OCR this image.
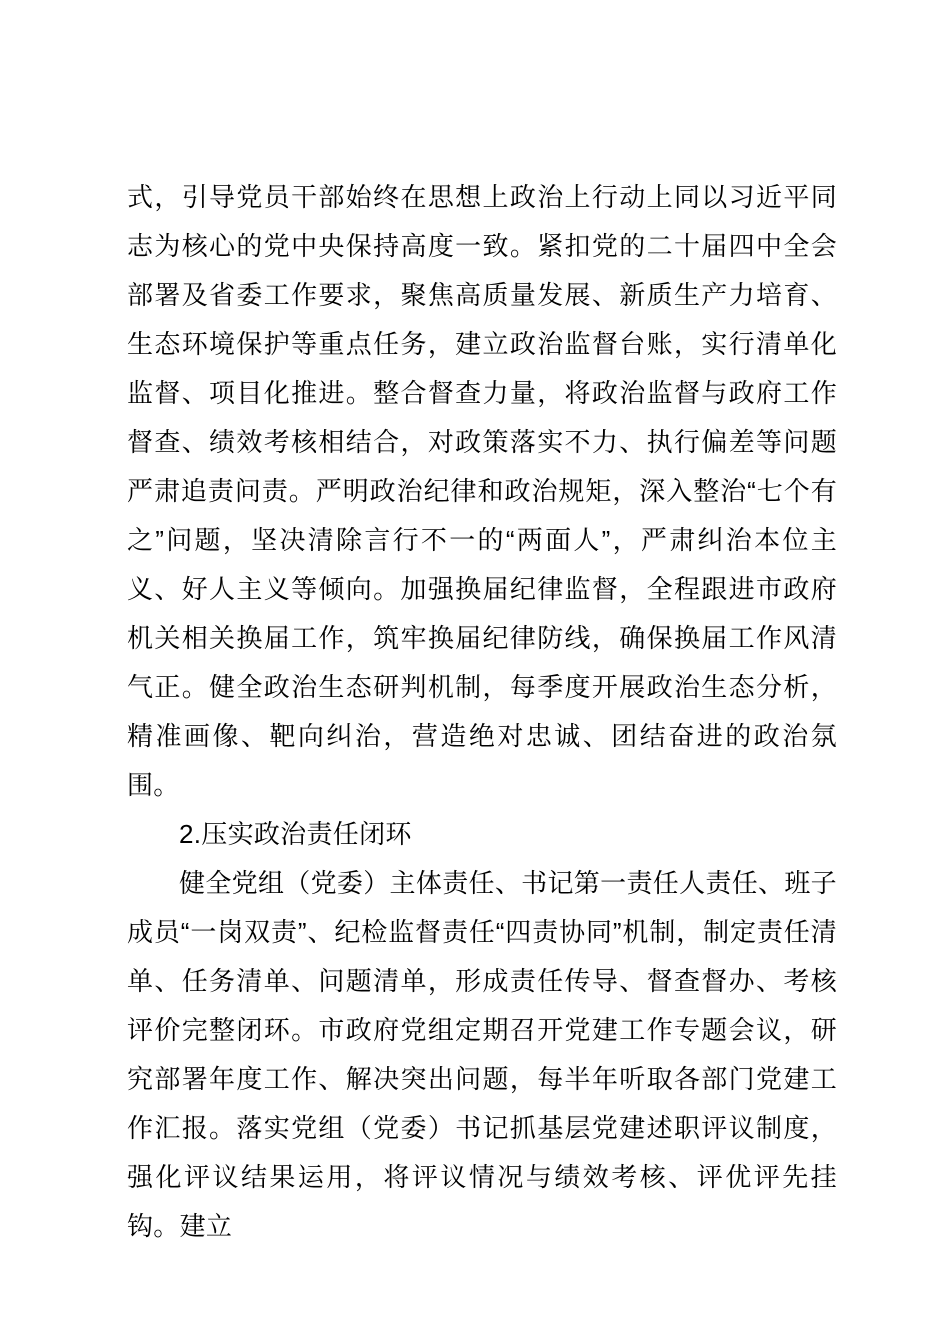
式，引导党员干部始终在思想上政治上行动上同以习近平同志为核心的党中央保持高度一致。紧扣党的二十届四中全会部署及省委工作要求，聚焦高质量发展、新质生产力培育、生态环境保护等重点任务，建立政治监督台账，实行清单化监督、项目化推进。整合督查力量，将政治监督与政府工作督查、绩效考核相结合，对政策落实不力、执行偏差等问题严肃追责问责。严明政治纪律和政治规矩，深入整治“七个有之”问题，坚决清除言行不一的“两面人”，严肃纠治本位主义、好人主义等倾向。加强换届纪律监督，全程跟进市政府机关相关换届工作，筑牢换届纪律防线，确保换届工作风清气正。健全政治生态研判机制，每季度开展政治生态分析，精准画像、靶向纠治，营造绝对忠诚、团结奋进的政治氛围。

2.压实政治责任闭环

健全党组（党委）主体责任、书记第一责任人责任、班子成员“一岗双责”、纪检监督责任“四责协同”机制，制定责任清单、任务清单、问题清单，形成责任传导、督查督办、考核评价完整闭环。市政府党组定期召开党建工作专题会议，研究部署年度工作、解决突出问题，每半年听取各部门党建工作汇报。落实党组（党委）书记抓基层党建述职评议制度，强化评议结果运用，将评议情况与绩效考核、评优评先挂钩。建立
